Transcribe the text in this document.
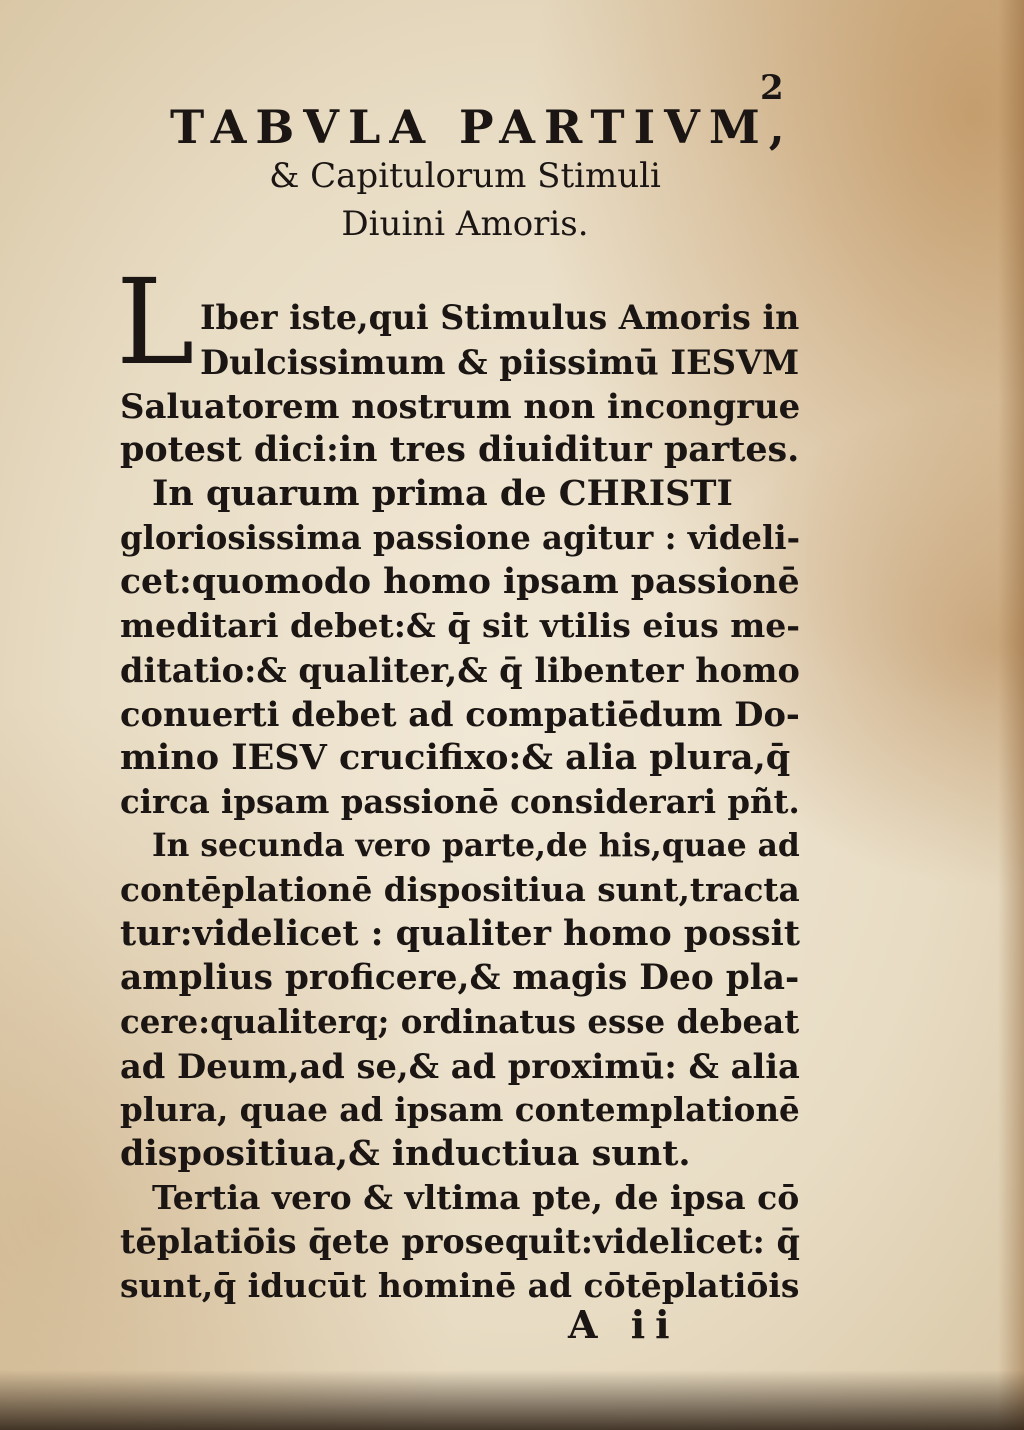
2
TABVLA PARTIVM,
& Capitulorum Stimuli
Diuini Amoris.
L Iber iste,qui Stimulus Amoris in
Dulcissimum & piissimū IESVM
Saluatorem nostrum non incongrue
potest dici:in tres diuiditur partes.
In quarum prima de CHRISTI
gloriosissima passione agitur : videli-
cet:quomodo homo ipsam passionē
meditari debet:& q̄ sit vtilis eius me-
ditatio:& qualiter,& q̄ libenter homo
conuerti debet ad compatiēdum Do-
mino IESV crucifixo:& alia plura,q̄
circa ipsam passionē considerari pñt.
In secunda vero parte,de his,quae ad
contēplationē dispositiua sunt,tracta
tur:videlicet : qualiter homo possit
amplius proficere,& magis Deo pla-
cere:qualiterq; ordinatus esse debeat
ad Deum,ad se,& ad proximū: & alia
plura, quae ad ipsam contemplationē
dispositiua,& inductiua sunt.
Tertia vero & vltima pte, de ipsa cō
tēplatiōis q̄ete prosequit:videlicet: q̄
sunt,q̄ iducūt hominē ad cōtēplatiōis
A ii
